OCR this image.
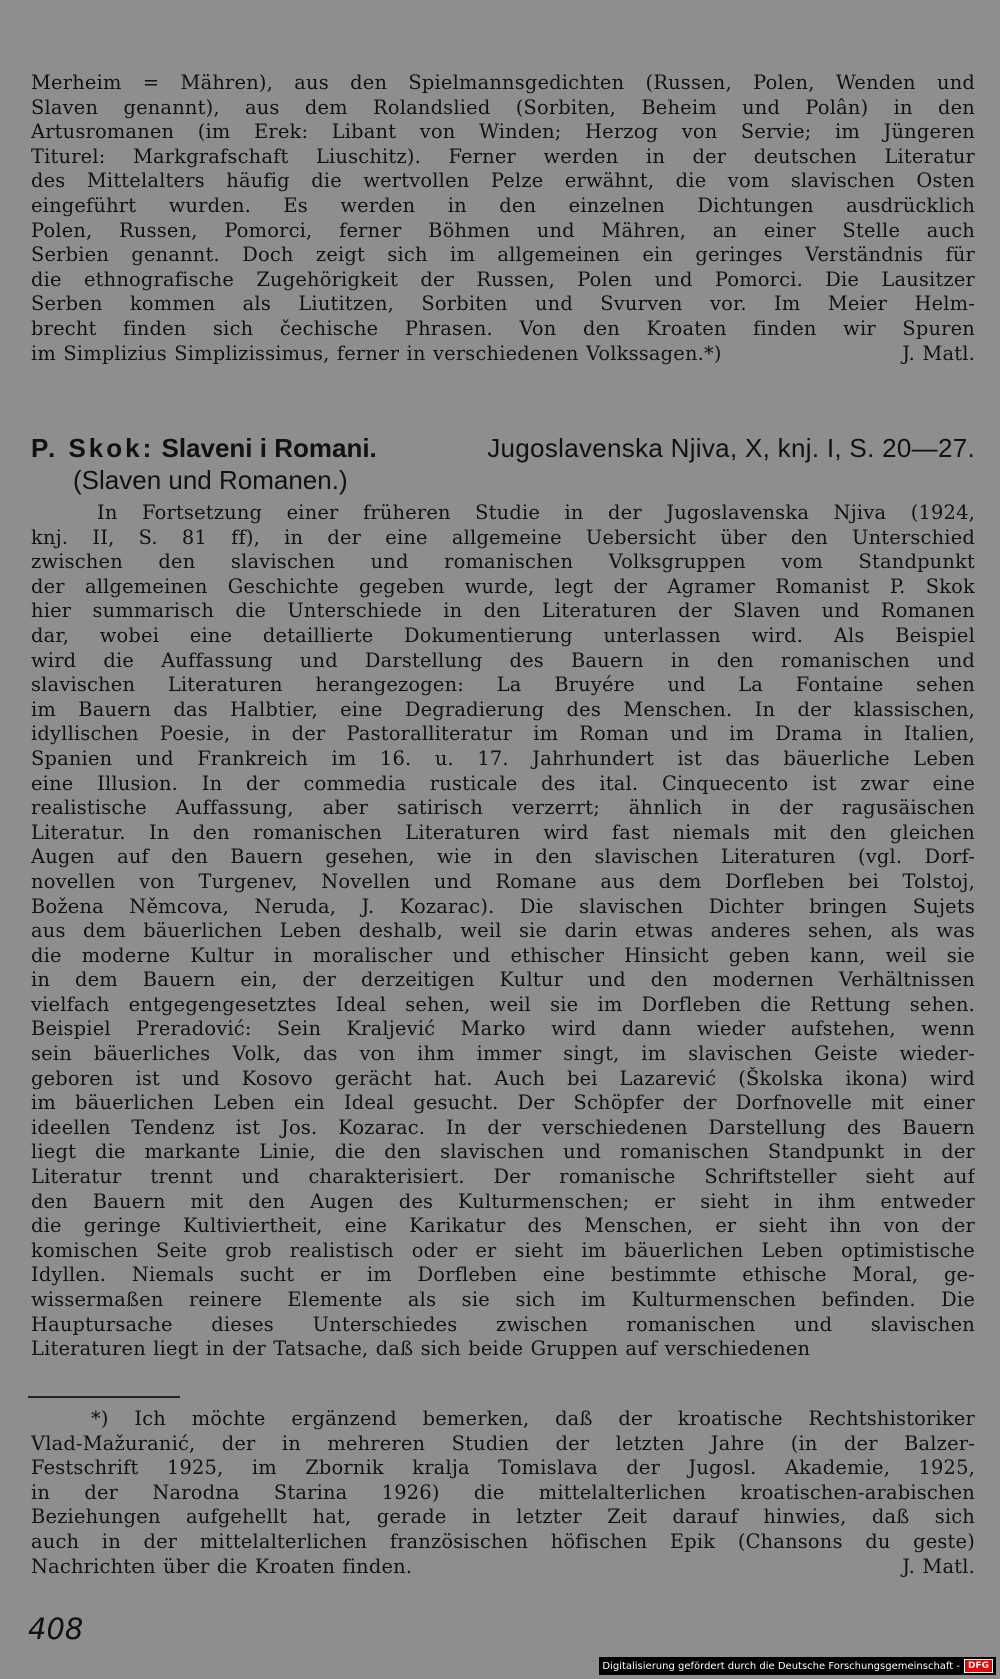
Merheim = Mähren), aus den Spielmannsgedichten (Russen, Polen, Wenden und
Slaven genannt), aus dem Rolandslied (Sorbiten, Beheim und Polân) in den
Artusromanen (im Erek: Libant von Winden; Herzog von Servie; im Jüngeren
Titurel: Markgrafschaft Liuschitz). Ferner werden in der deutschen Literatur
des Mittelalters häufig die wertvollen Pelze erwähnt, die vom slavischen Osten
eingeführt wurden. Es werden in den einzelnen Dichtungen ausdrücklich
Polen, Russen, Pomorci, ferner Böhmen und Mähren, an einer Stelle auch
Serbien genannt. Doch zeigt sich im allgemeinen ein geringes Verständnis für
die ethnografische Zugehörigkeit der Russen, Polen und Pomorci. Die Lausitzer
Serben kommen als Liutitzen, Sorbiten und Svurven vor. Im Meier Helm-
brecht finden sich čechische Phrasen. Von den Kroaten finden wir Spuren
im Simplizius Simplizissimus, ferner in verschiedenen Volkssagen.*)	J. Matl.
P. Skok: Slaveni i Romani.	Jugoslavenska Njiva, X, knj. I, S. 20—27.
(Slaven und Romanen.)
In Fortsetzung einer früheren Studie in der Jugoslavenska Njiva (1924,
knj. II, S. 81 ff), in der eine allgemeine Uebersicht über den Unterschied
zwischen den slavischen und romanischen Volksgruppen vom Standpunkt
der allgemeinen Geschichte gegeben wurde, legt der Agramer Romanist P. Skok
hier summarisch die Unterschiede in den Literaturen der Slaven und Romanen
dar, wobei eine detaillierte Dokumentierung unterlassen wird. Als Beispiel
wird die Auffassung und Darstellung des Bauern in den romanischen und
slavischen Literaturen herangezogen: La Bruyére und La Fontaine sehen
im Bauern das Halbtier, eine Degradierung des Menschen. In der klassischen,
idyllischen Poesie, in der Pastoralliteratur im Roman und im Drama in Italien,
Spanien und Frankreich im 16. u. 17. Jahrhundert ist das bäuerliche Leben
eine Illusion. In der commedia rusticale des ital. Cinquecento ist zwar eine
realistische Auffassung, aber satirisch verzerrt; ähnlich in der ragusäischen
Literatur. In den romanischen Literaturen wird fast niemals mit den gleichen
Augen auf den Bauern gesehen, wie in den slavischen Literaturen (vgl. Dorf-
novellen von Turgenev, Novellen und Romane aus dem Dorfleben bei Tolstoj,
Božena Němcova, Neruda, J. Kozarac). Die slavischen Dichter bringen Sujets
aus dem bäuerlichen Leben deshalb, weil sie darin etwas anderes sehen, als was
die moderne Kultur in moralischer und ethischer Hinsicht geben kann, weil sie
in dem Bauern ein, der derzeitigen Kultur und den modernen Verhältnissen
vielfach entgegengesetztes Ideal sehen, weil sie im Dorfleben die Rettung sehen.
Beispiel Preradović: Sein Kraljević Marko wird dann wieder aufstehen, wenn
sein bäuerliches Volk, das von ihm immer singt, im slavischen Geiste wieder-
geboren ist und Kosovo gerächt hat. Auch bei Lazarević (Školska ikona) wird
im bäuerlichen Leben ein Ideal gesucht. Der Schöpfer der Dorfnovelle mit einer
ideellen Tendenz ist Jos. Kozarac. In der verschiedenen Darstellung des Bauern
liegt die markante Linie, die den slavischen und romanischen Standpunkt in der
Literatur trennt und charakterisiert. Der romanische Schriftsteller sieht auf
den Bauern mit den Augen des Kulturmenschen; er sieht in ihm entweder
die geringe Kultiviertheit, eine Karikatur des Menschen, er sieht ihn von der
komischen Seite grob realistisch oder er sieht im bäuerlichen Leben optimistische
Idyllen. Niemals sucht er im Dorfleben eine bestimmte ethische Moral, ge-
wissermaßen reinere Elemente als sie sich im Kulturmenschen befinden. Die
Hauptursache dieses Unterschiedes zwischen romanischen und slavischen
Literaturen liegt in der Tatsache, daß sich beide Gruppen auf verschiedenen
*) Ich möchte ergänzend bemerken, daß der kroatische Rechtshistoriker
Vlad-Mažuranić, der in mehreren Studien der letzten Jahre (in der Balzer-
Festschrift 1925, im Zbornik kralja Tomislava der Jugosl. Akademie, 1925,
in der Narodna Starina 1926) die mittelalterlichen kroatischen-arabischen
Beziehungen aufgehellt hat, gerade in letzter Zeit darauf hinwies, daß sich
auch in der mittelalterlichen französischen höfischen Epik (Chansons du geste)
Nachrichten über die Kroaten finden.	J. Matl.

408

Digitalisierung gefördert durch die Deutsche Forschungsgemeinschaft - DFG
